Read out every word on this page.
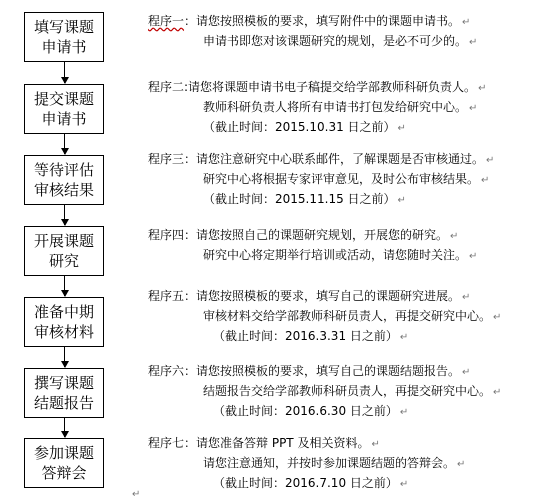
填写课题
申请书
提交课题
申请书
等待评估
审核结果
开展课题
研究
准备中期
审核材料
撰写课题
结题报告
参加课题
答辩会
程序一：请您按照模板的要求，填写附件中的课题申请书。 ↵
申请书即您对该课题研究的规划，是必不可少的。 ↵
程序二:请您将课题申请书电子稿提交给学部教师科研负责人。 ↵
教师科研负责人将所有申请书打包发给研究中心。 ↵
（截止时间：2015.10.31 日之前） ↵
程序三：请您注意研究中心联系邮件，了解课题是否审核通过。 ↵
研究中心将根据专家评审意见，及时公布审核结果。 ↵
（截止时间：2015.11.15 日之前） ↵
程序四：请您按照自己的课题研究规划，开展您的研究。 ↵
研究中心将定期举行培训或活动，请您随时关注。 ↵
程序五：请您按照模板的要求，填写自己的课题研究进展。 ↵
审核材料交给学部教师科研员责人，再提交研究中心。 ↵
（截止时间：2016.3.31 日之前） ↵
程序六：请您按照模板的要求，填写自己的课题结题报告。 ↵
结题报告交给学部教师科研员责人，再提交研究中心。 ↵
（截止时间：2016.6.30 日之前） ↵
程序七：请您准备答辩 PPT 及相关资料。 ↵
请您注意通知，并按时参加课题结题的答辩会。 ↵
（截止时间：2016.7.10 日之前） ↵
↵
